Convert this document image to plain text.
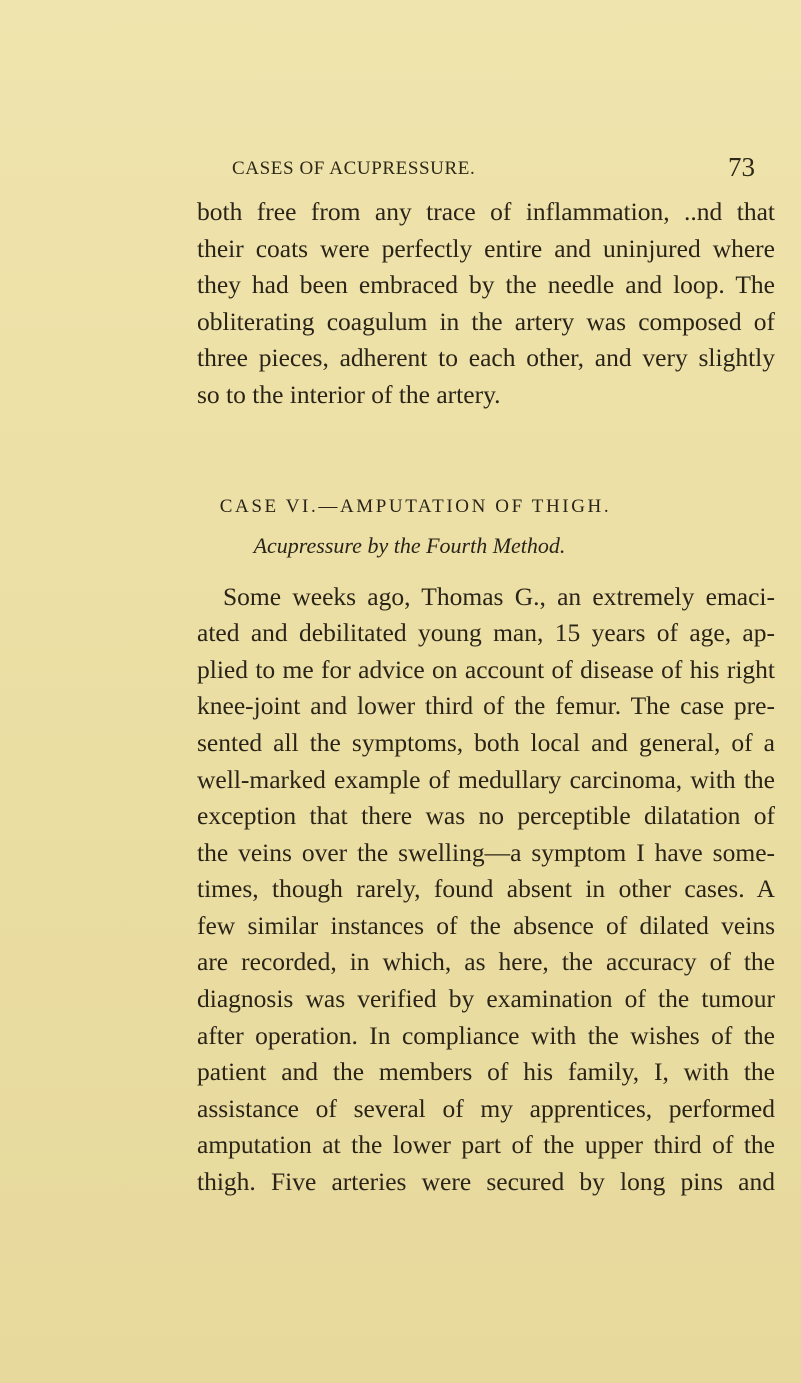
CASES OF ACUPRESSURE.	73
both free from any trace of inflammation, ..nd that
their coats were perfectly entire and uninjured where
they had been embraced by the needle and loop. The
obliterating coagulum in the artery was composed of
three pieces, adherent to each other, and very slightly
so to the interior of the artery.
CASE VI.—AMPUTATION OF THIGH.
Acupressure by the Fourth Method.
Some weeks ago, Thomas G., an extremely emaci-
ated and debilitated young man, 15 years of age, ap-
plied to me for advice on account of disease of his right
knee-joint and lower third of the femur. The case pre-
sented all the symptoms, both local and general, of a
well-marked example of medullary carcinoma, with the
exception that there was no perceptible dilatation of
the veins over the swelling—a symptom I have some-
times, though rarely, found absent in other cases. A
few similar instances of the absence of dilated veins
are recorded, in which, as here, the accuracy of the
diagnosis was verified by examination of the tumour
after operation. In compliance with the wishes of the
patient and the members of his family, I, with the
assistance of several of my apprentices, performed
amputation at the lower part of the upper third of the
thigh. Five arteries were secured by long pins and
